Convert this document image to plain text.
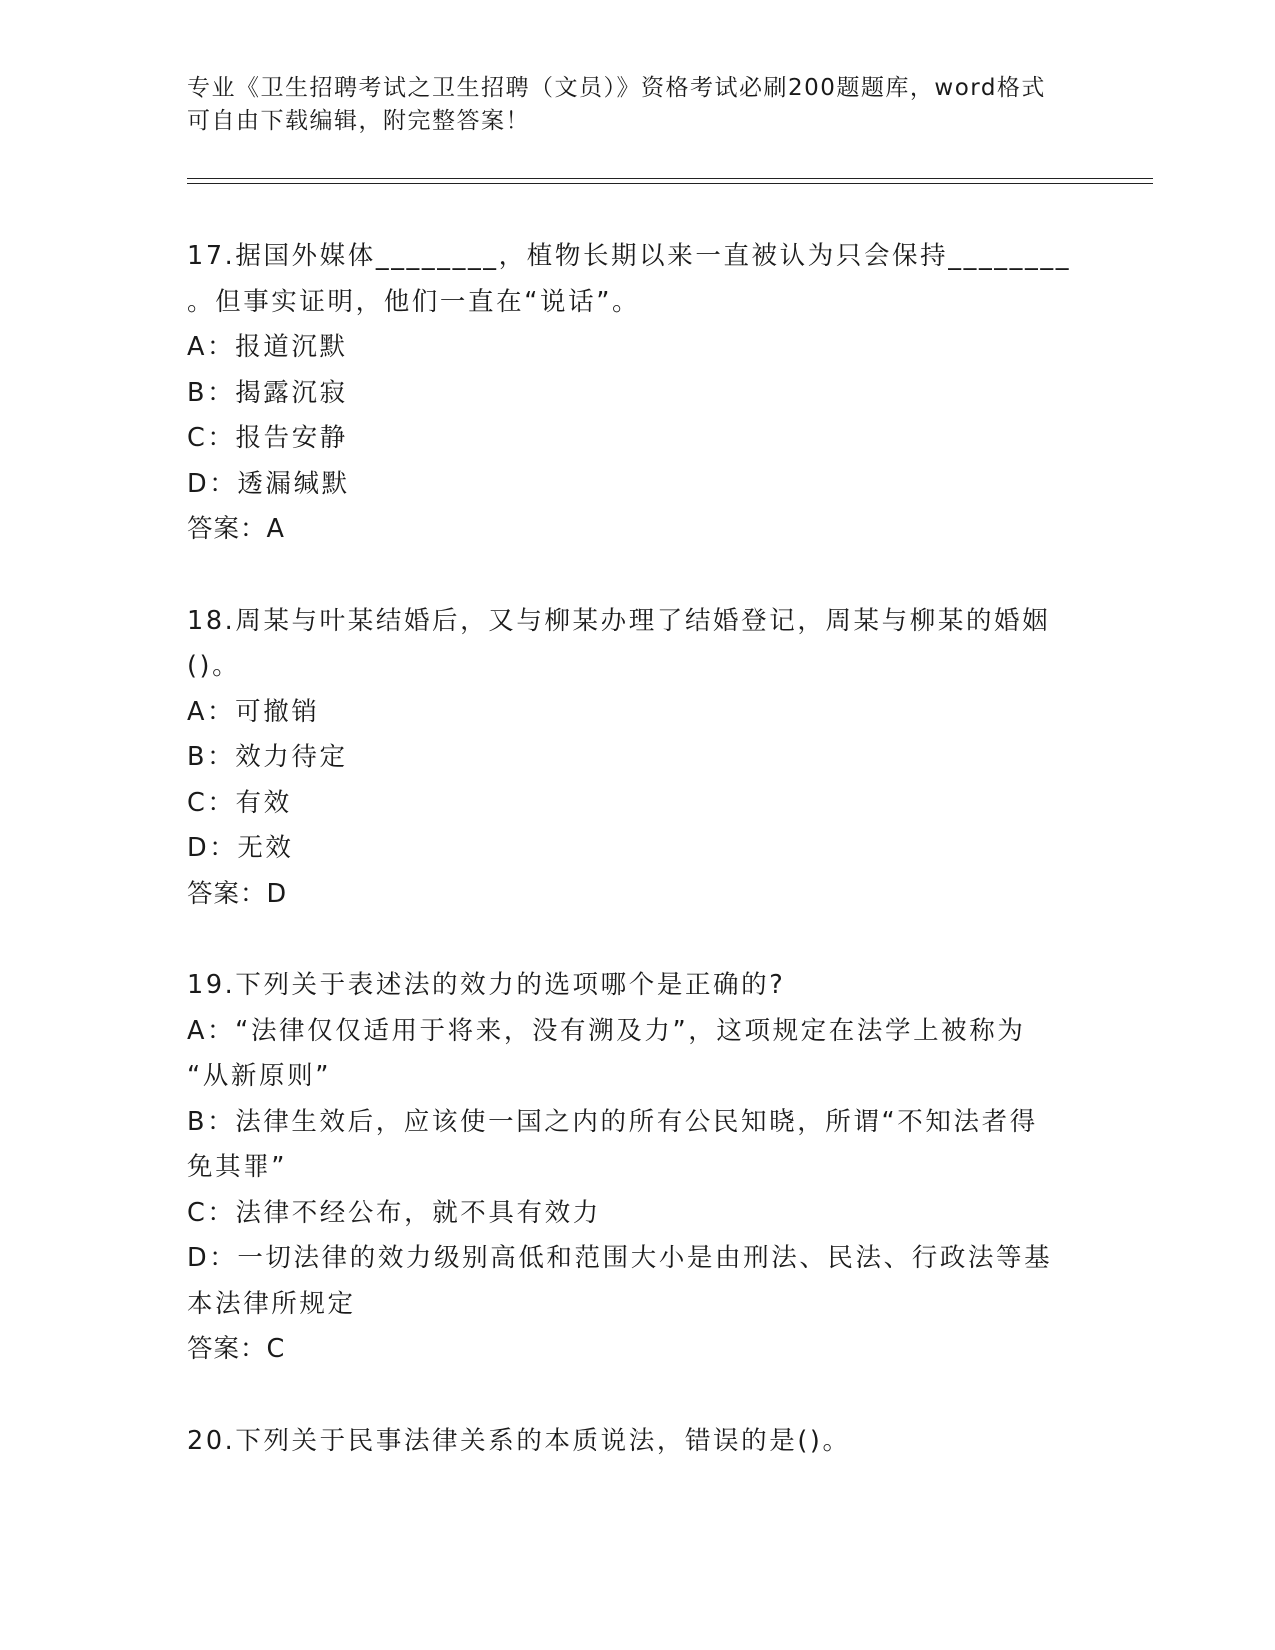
专业《卫生招聘考试之卫生招聘（文员）》资格考试必刷200题题库，word格式
可自由下载编辑，附完整答案！
17.据国外媒体________，植物长期以来一直被认为只会保持________
。但事实证明，他们一直在“说话”。
A：报道沉默
B：揭露沉寂
C：报告安静
D：透漏缄默
答案：A
18.周某与叶某结婚后，又与柳某办理了结婚登记，周某与柳某的婚姻
()。
A：可撤销
B：效力待定
C：有效
D：无效
答案：D
19.下列关于表述法的效力的选项哪个是正确的?
A：“法律仅仅适用于将来，没有溯及力”，这项规定在法学上被称为
“从新原则”
B：法律生效后，应该使一国之内的所有公民知晓，所谓“不知法者得
免其罪”
C：法律不经公布，就不具有效力
D：一切法律的效力级别高低和范围大小是由刑法、民法、行政法等基
本法律所规定
答案：C
20.下列关于民事法律关系的本质说法，错误的是()。
